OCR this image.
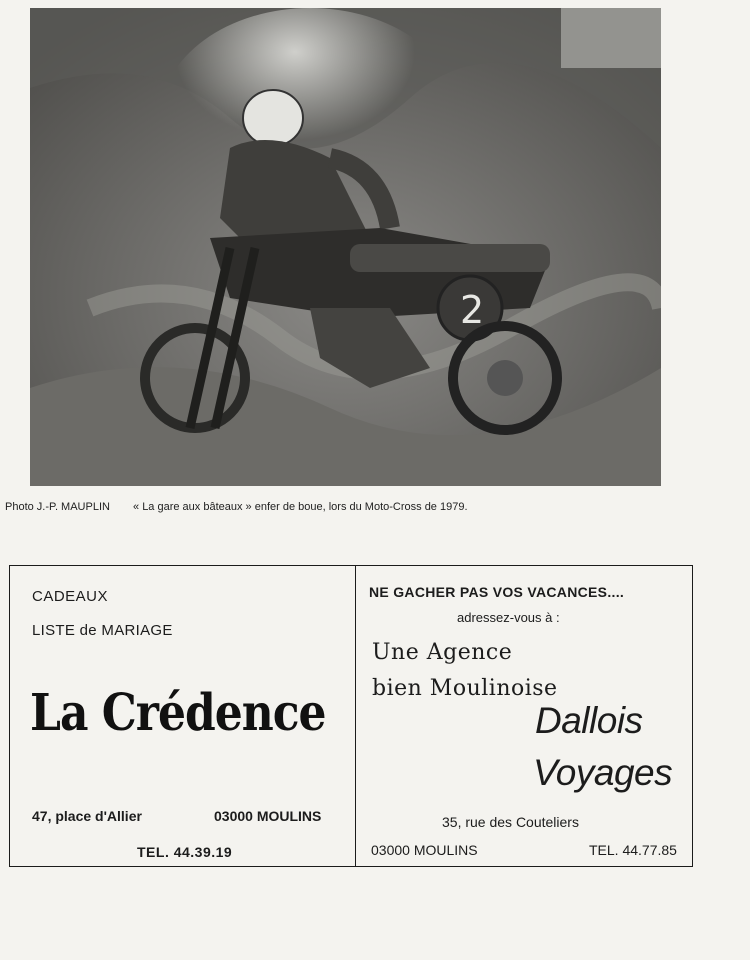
2
Photo J.-P. MAUPLIN « La gare aux bâteaux » enfer de boue, lors du Moto-Cross de 1979.
CADEAUX
LISTE de MARIAGE
La Crédence
47, place d'Allier	03000 MOULINS
TEL. 44.39.19
NE GACHER PAS VOS VACANCES....
adressez-vous à :
Une Agence
bien Moulinoise
Dallois
Voyages
35, rue des Couteliers
03000 MOULINS	TEL. 44.77.85
